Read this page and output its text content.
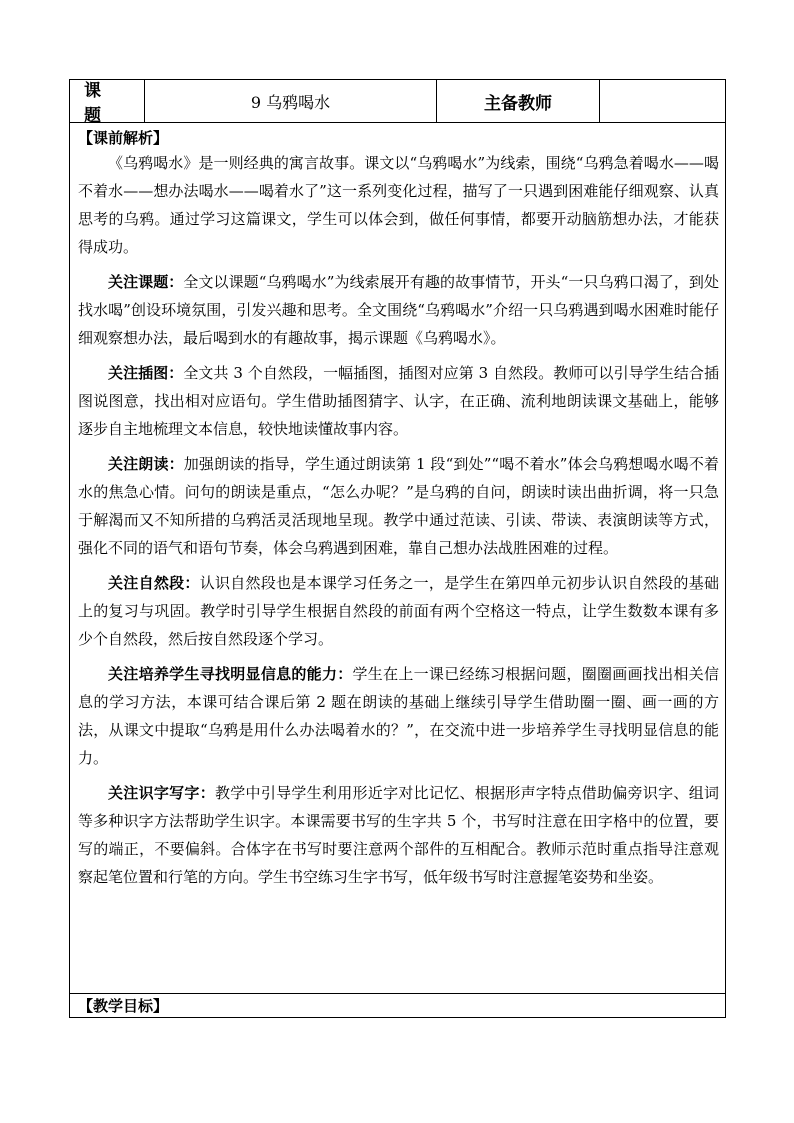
课 题
9 乌鸦喝水	主备教师

【课前解析】

《乌鸦喝水》是一则经典的寓言故事。课文以“乌鸦喝水”为线索，围绕“乌鸦急着喝水——喝不着水——想办法喝水——喝着水了”这一系列变化过程，描写了一只遇到困难能仔细观察、认真思考的乌鸦。通过学习这篇课文，学生可以体会到，做任何事情，都要开动脑筋想办法，才能获得成功。

关注课题：全文以课题“乌鸦喝水”为线索展开有趣的故事情节，开头“一只乌鸦口渴了，到处找水喝”创设环境氛围，引发兴趣和思考。全文围绕“乌鸦喝水”介绍一只乌鸦遇到喝水困难时能仔细观察想办法，最后喝到水的有趣故事，揭示课题《乌鸦喝水》。

关注插图：全文共 3 个自然段，一幅插图，插图对应第 3 自然段。教师可以引导学生结合插图说图意，找出相对应语句。学生借助插图猜字、认字，在正确、流利地朗读课文基础上，能够逐步自主地梳理文本信息，较快地读懂故事内容。

关注朗读：加强朗读的指导，学生通过朗读第 1 段“到处”“喝不着水”体会乌鸦想喝水喝不着水的焦急心情。问句的朗读是重点，“怎么办呢？”是乌鸦的自问，朗读时读出曲折调，将一只急于解渴而又不知所措的乌鸦活灵活现地呈现。教学中通过范读、引读、带读、表演朗读等方式，强化不同的语气和语句节奏，体会乌鸦遇到困难，靠自己想办法战胜困难的过程。

关注自然段：认识自然段也是本课学习任务之一，是学生在第四单元初步认识自然段的基础上的复习与巩固。教学时引导学生根据自然段的前面有两个空格这一特点，让学生数数本课有多少个自然段，然后按自然段逐个学习。

关注培养学生寻找明显信息的能力：学生在上一课已经练习根据问题，圈圈画画找出相关信息的学习方法，本课可结合课后第 2 题在朗读的基础上继续引导学生借助圈一圈、画一画的方法，从课文中提取“乌鸦是用什么办法喝着水的？”，在交流中进一步培养学生寻找明显信息的能力。

关注识字写字：教学中引导学生利用形近字对比记忆、根据形声字特点借助偏旁识字、组词等多种识字方法帮助学生识字。本课需要书写的生字共 5 个，书写时注意在田字格中的位置，要写的端正，不要偏斜。合体字在书写时要注意两个部件的互相配合。教师示范时重点指导注意观察起笔位置和行笔的方向。学生书空练习生字书写，低年级书写时注意握笔姿势和坐姿。

【教学目标】
